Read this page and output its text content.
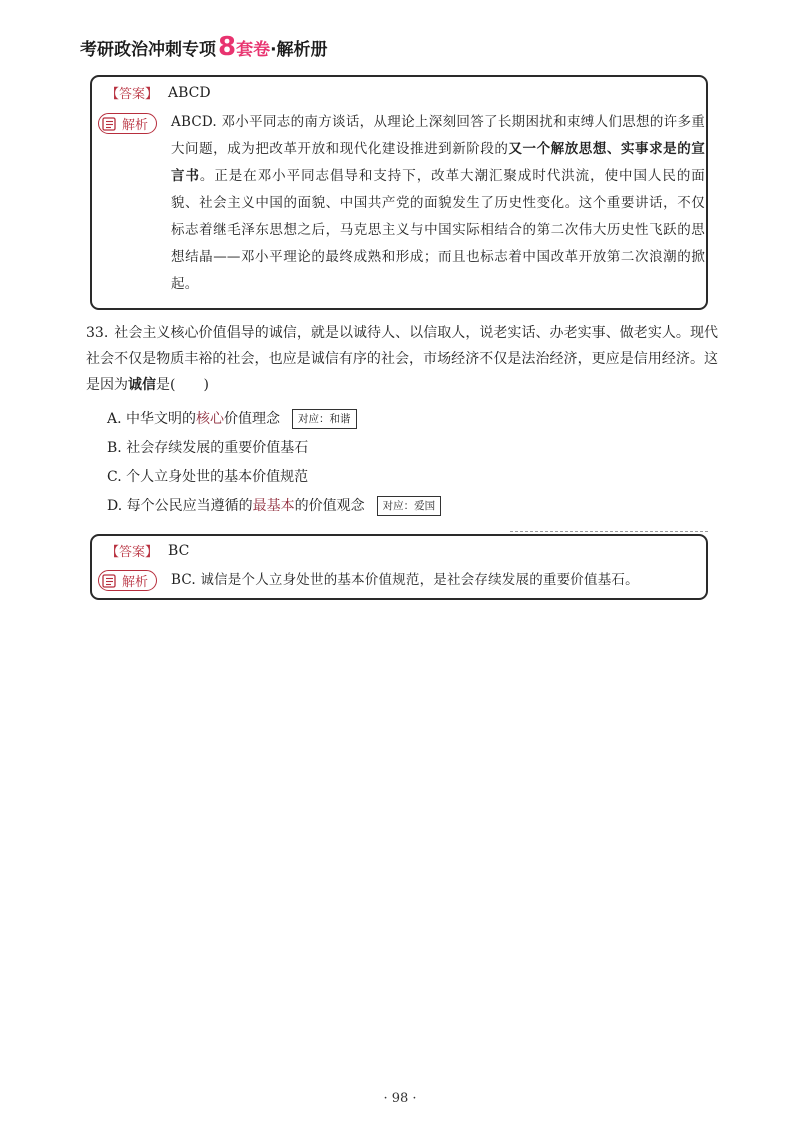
考研政治冲刺专项 8 套卷 ·解析册
【答案】 ABCD
解析 ABCD. 邓小平同志的南方谈话，从理论上深刻回答了长期困扰和束缚人们思想的许多重大问题，成为把改革开放和现代化建设推进到新阶段的又一个解放思想、实事求是的宣言书。正是在邓小平同志倡导和支持下，改革大潮汇聚成时代洪流，使中国人民的面貌、社会主义中国的面貌、中国共产党的面貌发生了历史性变化。这个重要讲话，不仅标志着继毛泽东思想之后，马克思主义与中国实际相结合的第二次伟大历史性飞跃的思想结晶——邓小平理论的最终成熟和形成；而且也标志着中国改革开放第二次浪潮的掀起。
33. 社会主义核心价值倡导的诚信，就是以诚待人、以信取人，说老实话、办老实事、做老实人。现代社会不仅是物质丰裕的社会，也应是诚信有序的社会，市场经济不仅是法治经济，更应是信用经济。这是因为诚信是(　　)
A. 中华文明的 核心 价值理念	对应：和谐
B. 社会存续发展的重要价值基石
C. 个人立身处世的基本价值规范
D. 每个公民应当遵循的 最基本 的价值观念	对应：爱国
【答案】 BC
解析 BC. 诚信是个人立身处世的基本价值规范，是社会存续发展的重要价值基石。
· 98 ·
